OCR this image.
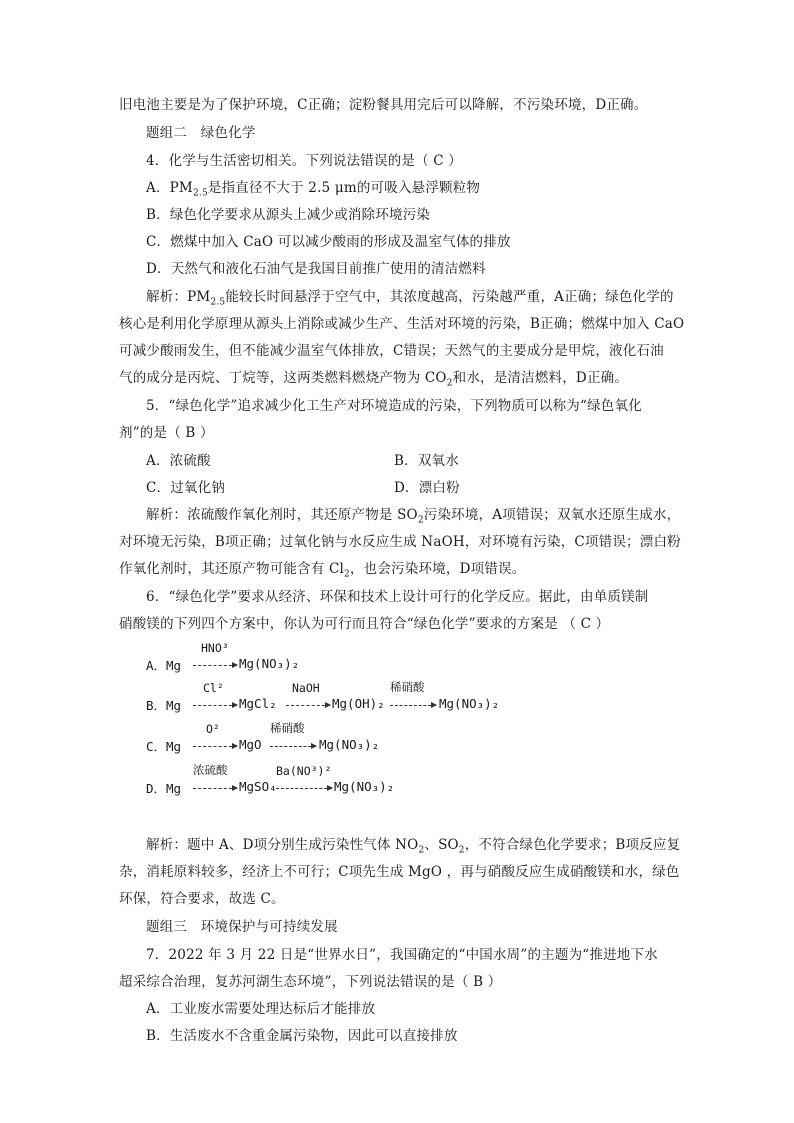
旧电池主要是为了保护环境，C正确；淀粉餐具用完后可以降解，不污染环境，D正确。
题组二　绿色化学
4．化学与生活密切相关。下列说法错误的是（ C ）
A．$PM_{2.5}$是指直径不大于 2.5 μm的可吸入悬浮颗粒物
B．绿色化学要求从源头上减少或消除环境污染
C．燃煤中加入 CaO 可以减少酸雨的形成及温室气体的排放
D．天然气和液化石油气是我国目前推广使用的清洁燃料
解析：$PM_{2.5}$能较长时间悬浮于空气中，其浓度越高，污染越严重，A正确；绿色化学的
核心是利用化学原理从源头上消除或减少生产、生活对环境的污染，B正确；燃煤中加入 CaO
可减少酸雨发生，但不能减少温室气体排放，C错误；天然气的主要成分是甲烷，液化石油
气的成分是丙烷、丁烷等，这两类燃料燃烧产物为 $CO_2$和水，是清洁燃料，D正确。
5．“绿色化学”追求减少化工生产对环境造成的污染，下列物质可以称为“绿色氧化
剂”的是（ B ）
A．浓硫酸	B．双氧水
C．过氧化钠	D．漂白粉
解析：浓硫酸作氧化剂时，其还原产物是 $SO_2$污染环境，A项错误；双氧水还原生成水，
对环境无污染，B项正确；过氧化钠与水反应生成 NaOH，对环境有污染，C项错误；漂白粉
作氧化剂时，其还原产物可能含有 $Cl_2$，也会污染环境，D项错误。
6．“绿色化学”要求从经济、环保和技术上设计可行的化学反应。据此，由单质镁制
硝酸镁的下列四个方案中，你认为可行而且符合“绿色化学”要求的方案是 （ C ）
A．Mg
HNO³
Mg(NO₃)₂
B．Mg
Cl²
MgCl₂
NaOH
Mg(OH)₂
稀硝酸
Mg(NO₃)₂
C．Mg
O²
MgO
稀硝酸
Mg(NO₃)₂
D．Mg
浓硫酸
MgSO₄
Ba(NO³)²
Mg(NO₃)₂
解析：题中 A、D项分别生成污染性气体 $NO_2$、$SO_2$，不符合绿色化学要求；B项反应复
杂，消耗原料较多，经济上不可行；C项先生成 MgO ，再与硝酸反应生成硝酸镁和水，绿色
环保，符合要求，故选 C。
题组三　环境保护与可持续发展
7．2022 年 3 月 22 日是“世界水日”，我国确定的“中国水周”的主题为“推进地下水
超采综合治理，复苏河湖生态环境”，下列说法错误的是（ B ）
A．工业废水需要处理达标后才能排放
B．生活废水不含重金属污染物，因此可以直接排放
